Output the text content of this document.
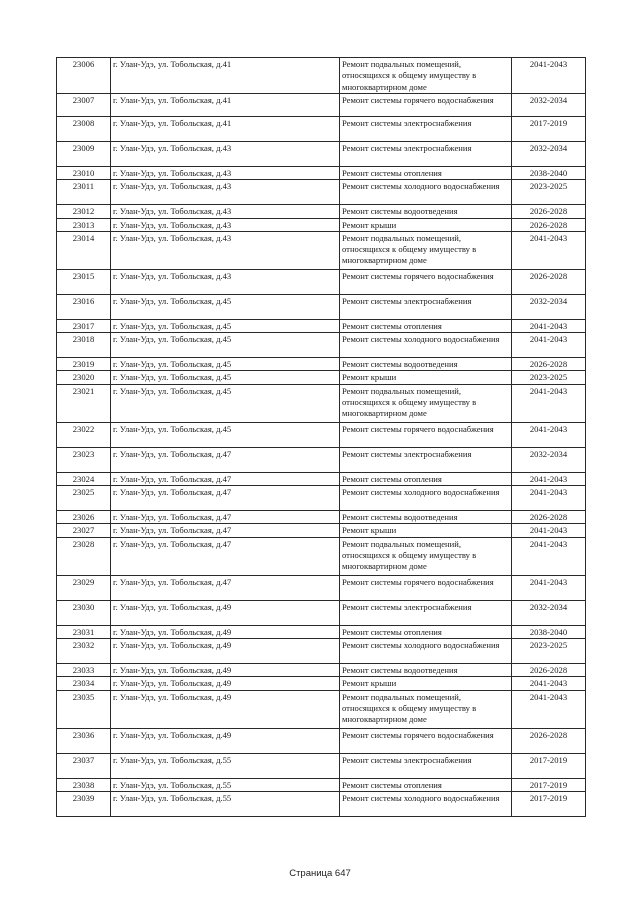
23006	г. Улан-Удэ, ул. Тобольская, д.41	Ремонт подвальных помещений, относящихся к общему имуществу в многоквартирном доме	2041-2043
23007	г. Улан-Удэ, ул. Тобольская, д.41	Ремонт системы горячего водоснабжения	2032-2034
23008	г. Улан-Удэ, ул. Тобольская, д.41	Ремонт системы электроснабжения	2017-2019
23009	г. Улан-Удэ, ул. Тобольская, д.43	Ремонт системы электроснабжения	2032-2034
23010	г. Улан-Удэ, ул. Тобольская, д.43	Ремонт системы отопления	2038-2040
23011	г. Улан-Удэ, ул. Тобольская, д.43	Ремонт системы холодного водоснабжения	2023-2025
23012	г. Улан-Удэ, ул. Тобольская, д.43	Ремонт системы водоотведения	2026-2028
23013	г. Улан-Удэ, ул. Тобольская, д.43	Ремонт крыши	2026-2028
23014	г. Улан-Удэ, ул. Тобольская, д.43	Ремонт подвальных помещений, относящихся к общему имуществу в многоквартирном доме	2041-2043
23015	г. Улан-Удэ, ул. Тобольская, д.43	Ремонт системы горячего водоснабжения	2026-2028
23016	г. Улан-Удэ, ул. Тобольская, д.45	Ремонт системы электроснабжения	2032-2034
23017	г. Улан-Удэ, ул. Тобольская, д.45	Ремонт системы отопления	2041-2043
23018	г. Улан-Удэ, ул. Тобольская, д.45	Ремонт системы холодного водоснабжения	2041-2043
23019	г. Улан-Удэ, ул. Тобольская, д.45	Ремонт системы водоотведения	2026-2028
23020	г. Улан-Удэ, ул. Тобольская, д.45	Ремонт крыши	2023-2025
23021	г. Улан-Удэ, ул. Тобольская, д.45	Ремонт подвальных помещений, относящихся к общему имуществу в многоквартирном доме	2041-2043
23022	г. Улан-Удэ, ул. Тобольская, д.45	Ремонт системы горячего водоснабжения	2041-2043
23023	г. Улан-Удэ, ул. Тобольская, д.47	Ремонт системы электроснабжения	2032-2034
23024	г. Улан-Удэ, ул. Тобольская, д.47	Ремонт системы отопления	2041-2043
23025	г. Улан-Удэ, ул. Тобольская, д.47	Ремонт системы холодного водоснабжения	2041-2043
23026	г. Улан-Удэ, ул. Тобольская, д.47	Ремонт системы водоотведения	2026-2028
23027	г. Улан-Удэ, ул. Тобольская, д.47	Ремонт крыши	2041-2043
23028	г. Улан-Удэ, ул. Тобольская, д.47	Ремонт подвальных помещений, относящихся к общему имуществу в многоквартирном доме	2041-2043
23029	г. Улан-Удэ, ул. Тобольская, д.47	Ремонт системы горячего водоснабжения	2041-2043
23030	г. Улан-Удэ, ул. Тобольская, д.49	Ремонт системы электроснабжения	2032-2034
23031	г. Улан-Удэ, ул. Тобольская, д.49	Ремонт системы отопления	2038-2040
23032	г. Улан-Удэ, ул. Тобольская, д.49	Ремонт системы холодного водоснабжения	2023-2025
23033	г. Улан-Удэ, ул. Тобольская, д.49	Ремонт системы водоотведения	2026-2028
23034	г. Улан-Удэ, ул. Тобольская, д.49	Ремонт крыши	2041-2043
23035	г. Улан-Удэ, ул. Тобольская, д.49	Ремонт подвальных помещений, относящихся к общему имуществу в многоквартирном доме	2041-2043
23036	г. Улан-Удэ, ул. Тобольская, д.49	Ремонт системы горячего водоснабжения	2026-2028
23037	г. Улан-Удэ, ул. Тобольская, д.55	Ремонт системы электроснабжения	2017-2019
23038	г. Улан-Удэ, ул. Тобольская, д.55	Ремонт системы отопления	2017-2019
23039	г. Улан-Удэ, ул. Тобольская, д.55	Ремонт системы холодного водоснабжения	2017-2019
Страница 647
